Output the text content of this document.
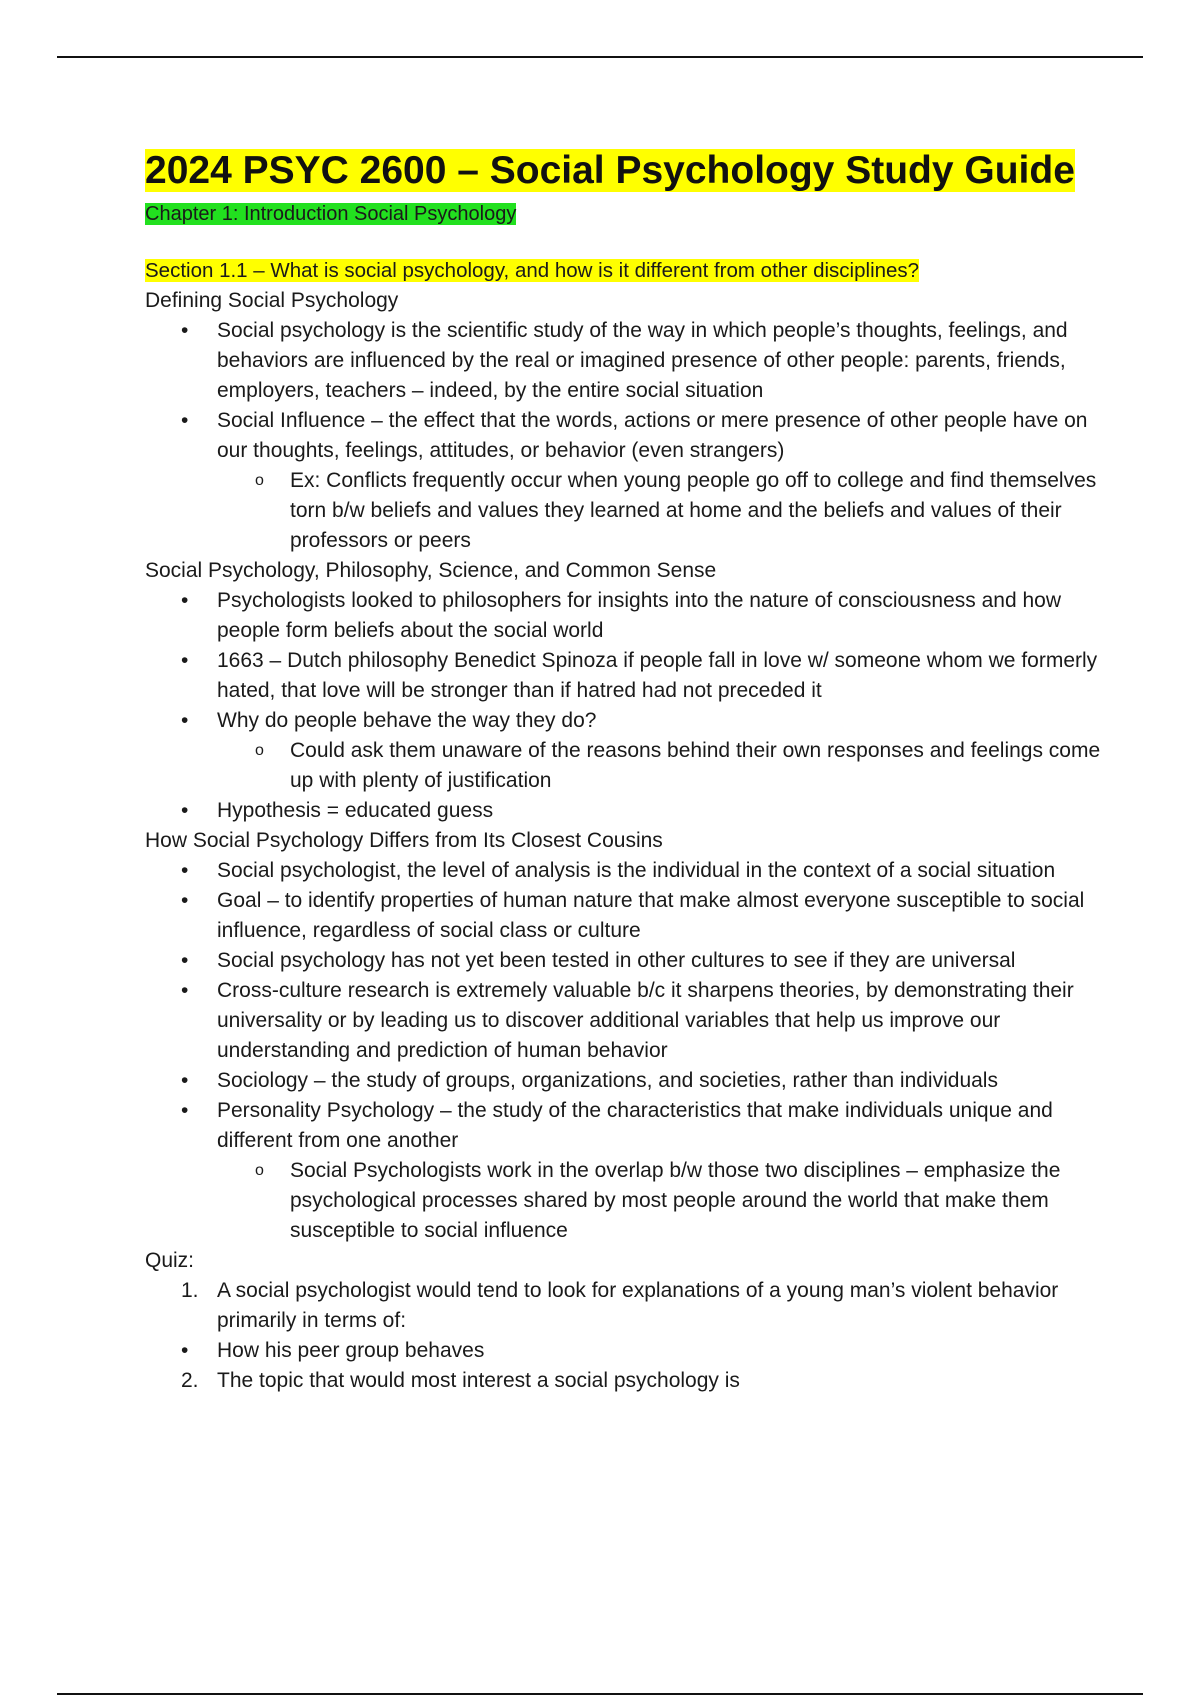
2024 PSYC 2600 – Social Psychology Study Guide
Chapter 1: Introduction Social Psychology
Section 1.1 – What is social psychology, and how is it different from other disciplines?
Defining Social Psychology
• Social psychology is the scientific study of the way in which people’s thoughts, feelings, and behaviors are influenced by the real or imagined presence of other people: parents, friends, employers, teachers – indeed, by the entire social situation
• Social Influence – the effect that the words, actions or mere presence of other people have on our thoughts, feelings, attitudes, or behavior (even strangers)
o Ex: Conflicts frequently occur when young people go off to college and find themselves torn b/w beliefs and values they learned at home and the beliefs and values of their professors or peers
Social Psychology, Philosophy, Science, and Common Sense
• Psychologists looked to philosophers for insights into the nature of consciousness and how people form beliefs about the social world
• 1663 – Dutch philosophy Benedict Spinoza if people fall in love w/ someone whom we formerly hated, that love will be stronger than if hatred had not preceded it
• Why do people behave the way they do?
o Could ask them unaware of the reasons behind their own responses and feelings come up with plenty of justification
• Hypothesis = educated guess
How Social Psychology Differs from Its Closest Cousins
• Social psychologist, the level of analysis is the individual in the context of a social situation
• Goal – to identify properties of human nature that make almost everyone susceptible to social influence, regardless of social class or culture
• Social psychology has not yet been tested in other cultures to see if they are universal
• Cross-culture research is extremely valuable b/c it sharpens theories, by demonstrating their universality or by leading us to discover additional variables that help us improve our understanding and prediction of human behavior
• Sociology – the study of groups, organizations, and societies, rather than individuals
• Personality Psychology – the study of the characteristics that make individuals unique and different from one another
o Social Psychologists work in the overlap b/w those two disciplines – emphasize the psychological processes shared by most people around the world that make them susceptible to social influence
Quiz:
1. A social psychologist would tend to look for explanations of a young man’s violent behavior primarily in terms of:
• How his peer group behaves
2. The topic that would most interest a social psychology is
